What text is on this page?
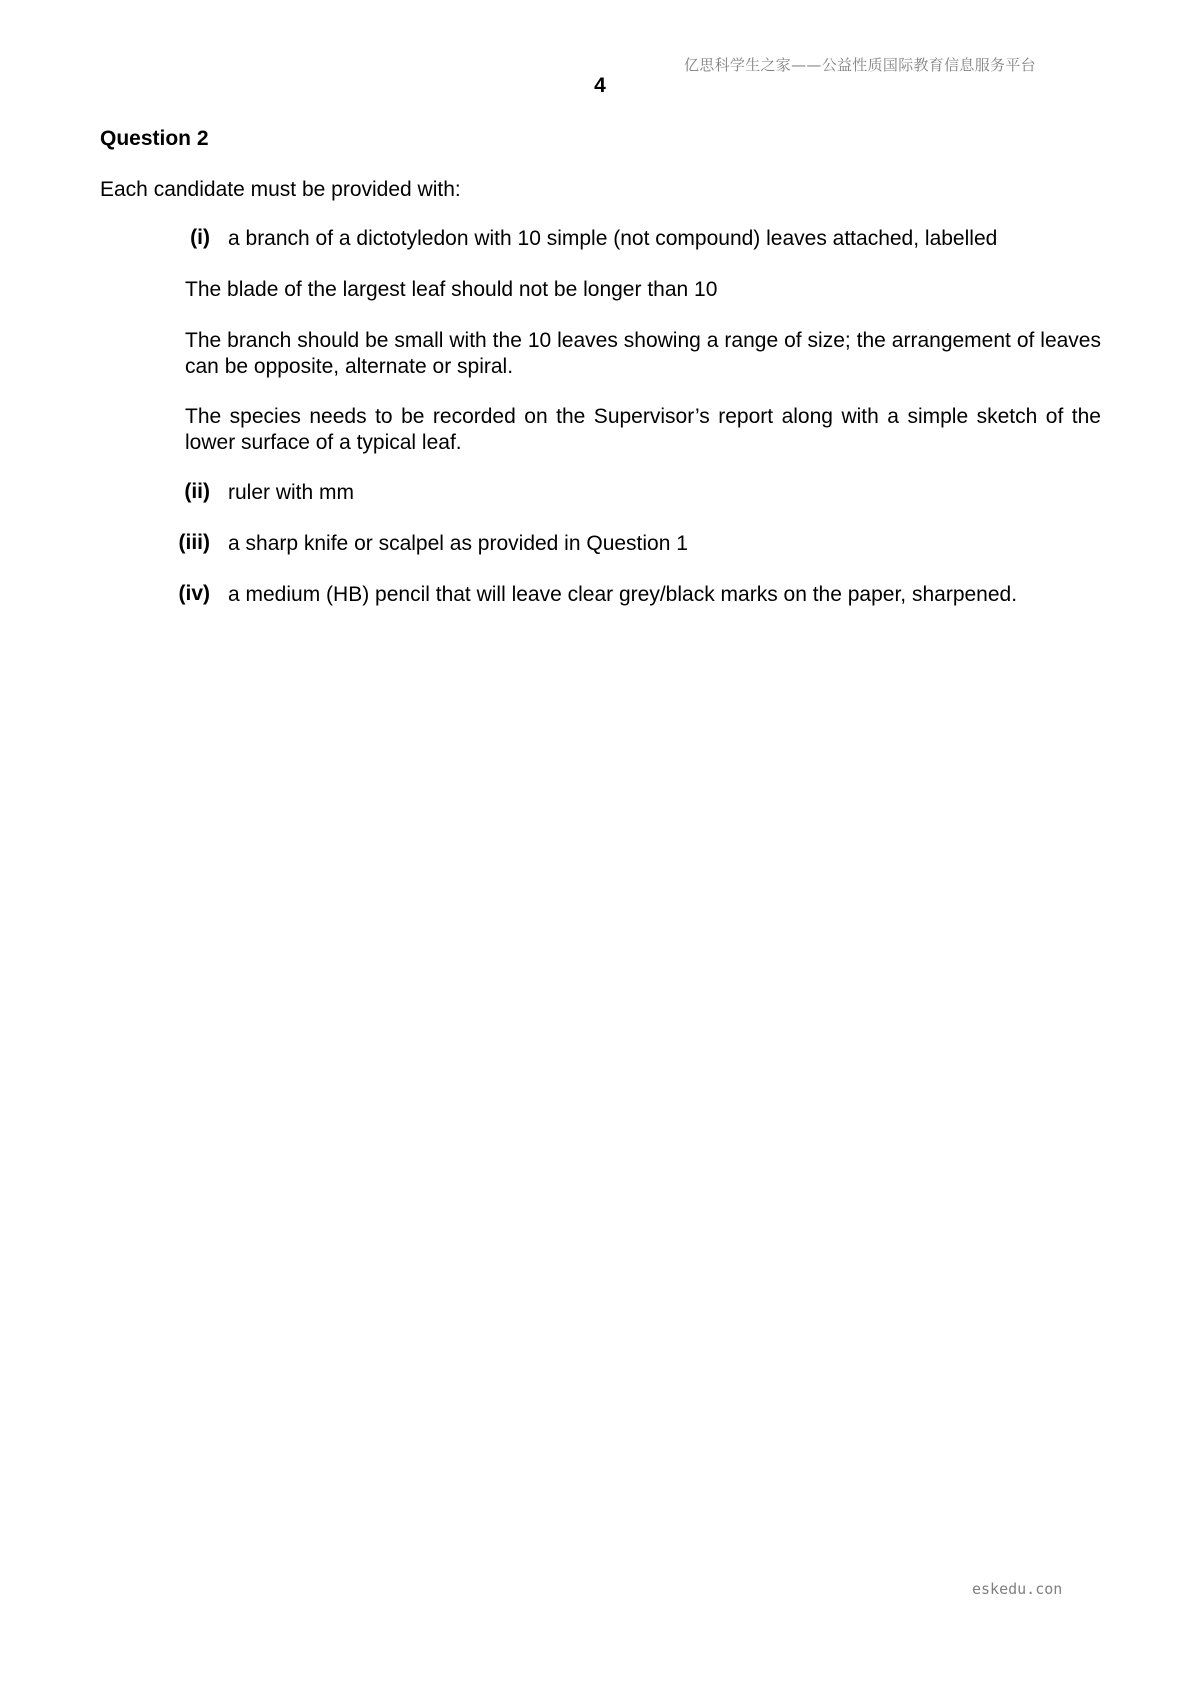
亿思科学生之家——公益性质国际教育信息服务平台
4
Question 2
Each candidate must be provided with:
(i) a branch of a dictotyledon with 10 simple (not compound) leaves attached, labelled
The blade of the largest leaf should not be longer than 10
The branch should be small with the 10 leaves showing a range of size; the arrangement of leaves can be opposite, alternate or spiral.
The species needs to be recorded on the Supervisor’s report along with a simple sketch of the lower surface of a typical leaf.
(ii) ruler with mm
(iii) a sharp knife or scalpel as provided in Question 1
(iv) a medium (HB) pencil that will leave clear grey/black marks on the paper, sharpened.
eskedu.con
